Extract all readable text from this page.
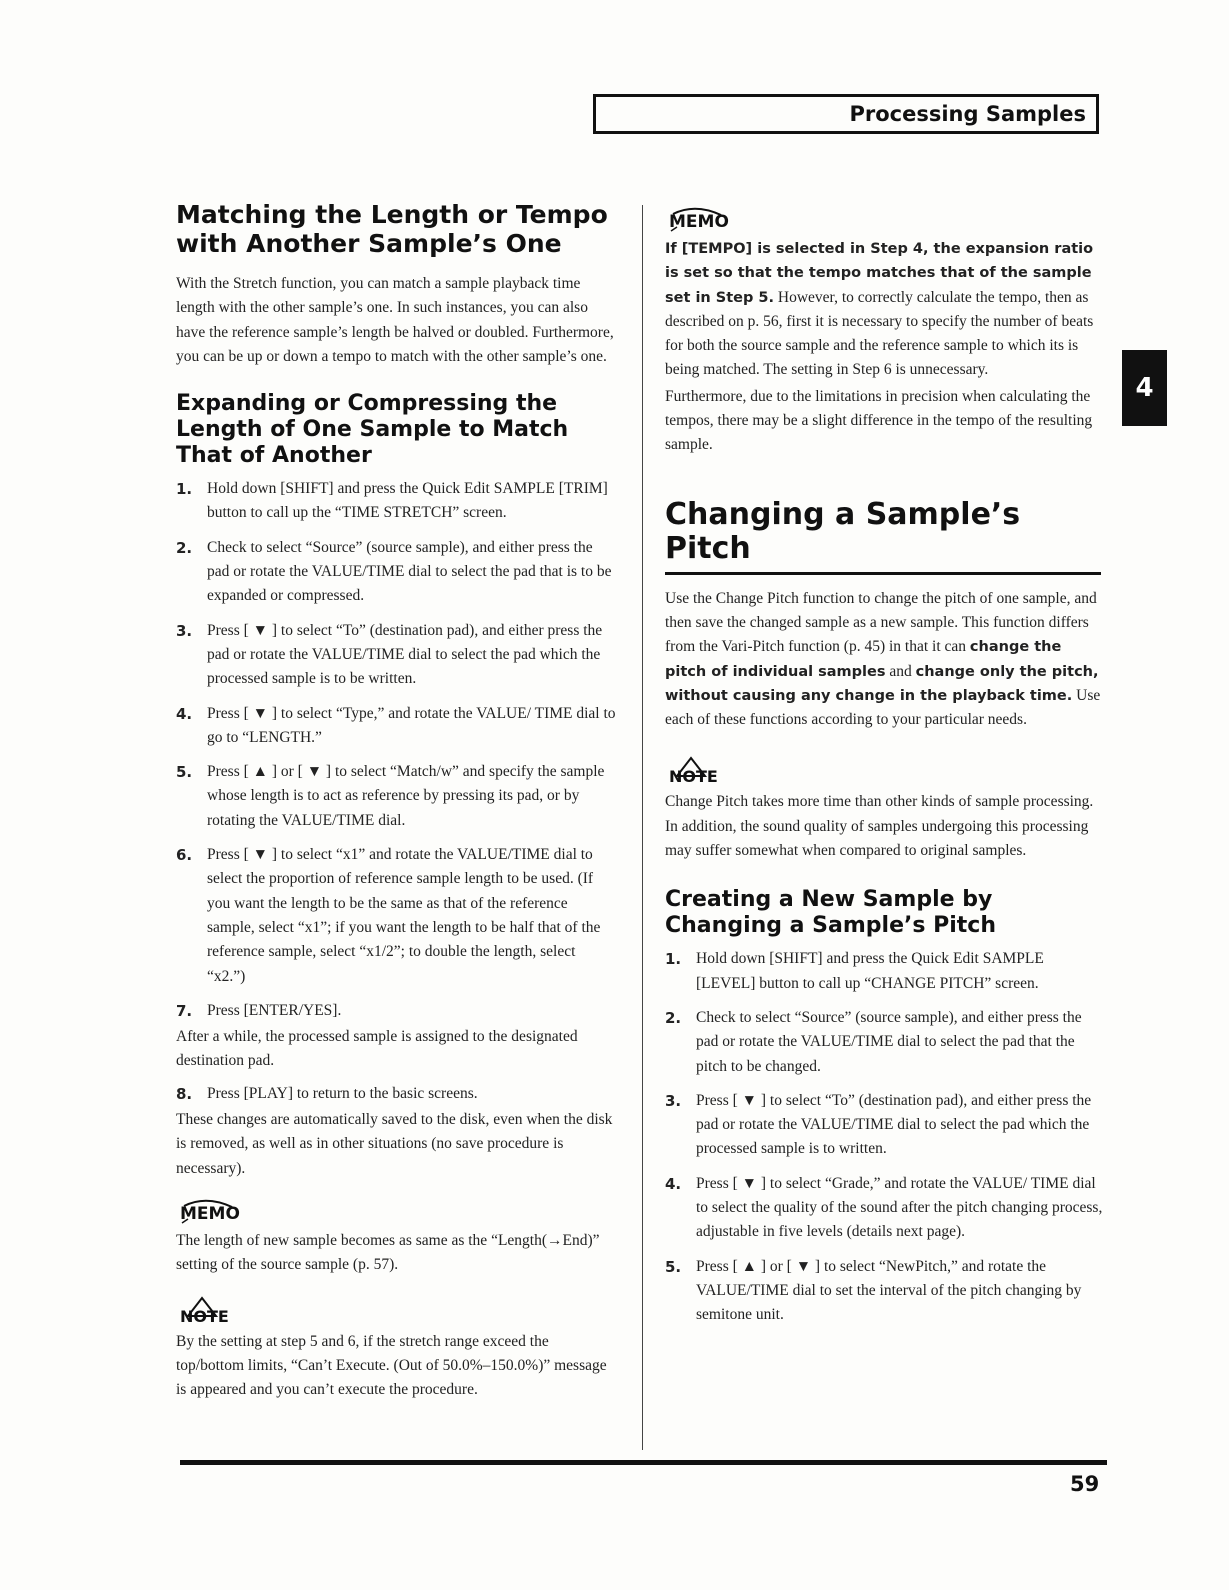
Processing Samples
4
Matching the Length or Tempo with Another Sample’s One

With the Stretch function, you can match a sample playback time length with the other sample’s one. In such instances, you can also have the reference sample’s length be halved or doubled. Furthermore, you can be up or down a tempo to match with the other sample’s one.

Expanding or Compressing the Length of One Sample to Match That of Another
1. Hold down [SHIFT] and press the Quick Edit SAMPLE [TRIM] button to call up the “TIME STRETCH” screen.
2. Check to select “Source” (source sample), and either press the pad or rotate the VALUE/TIME dial to select the pad that is to be expanded or compressed.
3. Press [ ▼ ] to select “To” (destination pad), and either press the pad or rotate the VALUE/TIME dial to select the pad which the processed sample is to be written.
4. Press [ ▼ ] to select “Type,” and rotate the VALUE/ TIME dial to go to “LENGTH.”
5. Press [ ▲ ] or [ ▼ ] to select “Match/w” and specify the sample whose length is to act as reference by pressing its pad, or by rotating the VALUE/TIME dial.
6. Press [ ▼ ] to select “x1” and rotate the VALUE/TIME dial to select the proportion of reference sample length to be used. (If you want the length to be the same as that of the reference sample, select “x1”; if you want the length to be half that of the reference sample, select “x1/2”; to double the length, select “x2.”)
7. Press [ENTER/YES].

After a while, the processed sample is assigned to the designated destination pad.

8. Press [PLAY] to return to the basic screens.

These changes are automatically saved to the disk, even when the disk is removed, as well as in other situations (no save procedure is necessary).

MEMO

The length of new sample becomes as same as the “Length(→End)” setting of the source sample (p. 57).

NOTE

By the setting at step 5 and 6, if the stretch range exceed the top/bottom limits, “Can’t Execute. (Out of 50.0%–150.0%)” message is appeared and you can’t execute the procedure.

MEMO

If [TEMPO] is selected in Step 4, the expansion ratio is set so that the tempo matches that of the sample set in Step 5. However, to correctly calculate the tempo, then as described on p. 56, first it is necessary to specify the number of beats for both the source sample and the reference sample to which its is being matched. The setting in Step 6 is unnecessary.

Furthermore, due to the limitations in precision when calculating the tempos, there may be a slight difference in the tempo of the resulting sample.

Changing a Sample’s Pitch

Use the Change Pitch function to change the pitch of one sample, and then save the changed sample as a new sample. This function differs from the Vari-Pitch function (p. 45) in that it can change the pitch of individual samples and change only the pitch, without causing any change in the playback time. Use each of these functions according to your particular needs.

NOTE

Change Pitch takes more time than other kinds of sample processing. In addition, the sound quality of samples undergoing this processing may suffer somewhat when compared to original samples.

Creating a New Sample by Changing a Sample’s Pitch
1. Hold down [SHIFT] and press the Quick Edit SAMPLE [LEVEL] button to call up “CHANGE PITCH” screen.
2. Check to select “Source” (source sample), and either press the pad or rotate the VALUE/TIME dial to select the pad that the pitch to be changed.
3. Press [ ▼ ] to select “To” (destination pad), and either press the pad or rotate the VALUE/TIME dial to select the pad which the processed sample is to written.
4. Press [ ▼ ] to select “Grade,” and rotate the VALUE/ TIME dial to select the quality of the sound after the pitch changing process, adjustable in five levels (details next page).
5. Press [ ▲ ] or [ ▼ ] to select “NewPitch,” and rotate the VALUE/TIME dial to set the interval of the pitch changing by semitone unit.
59
